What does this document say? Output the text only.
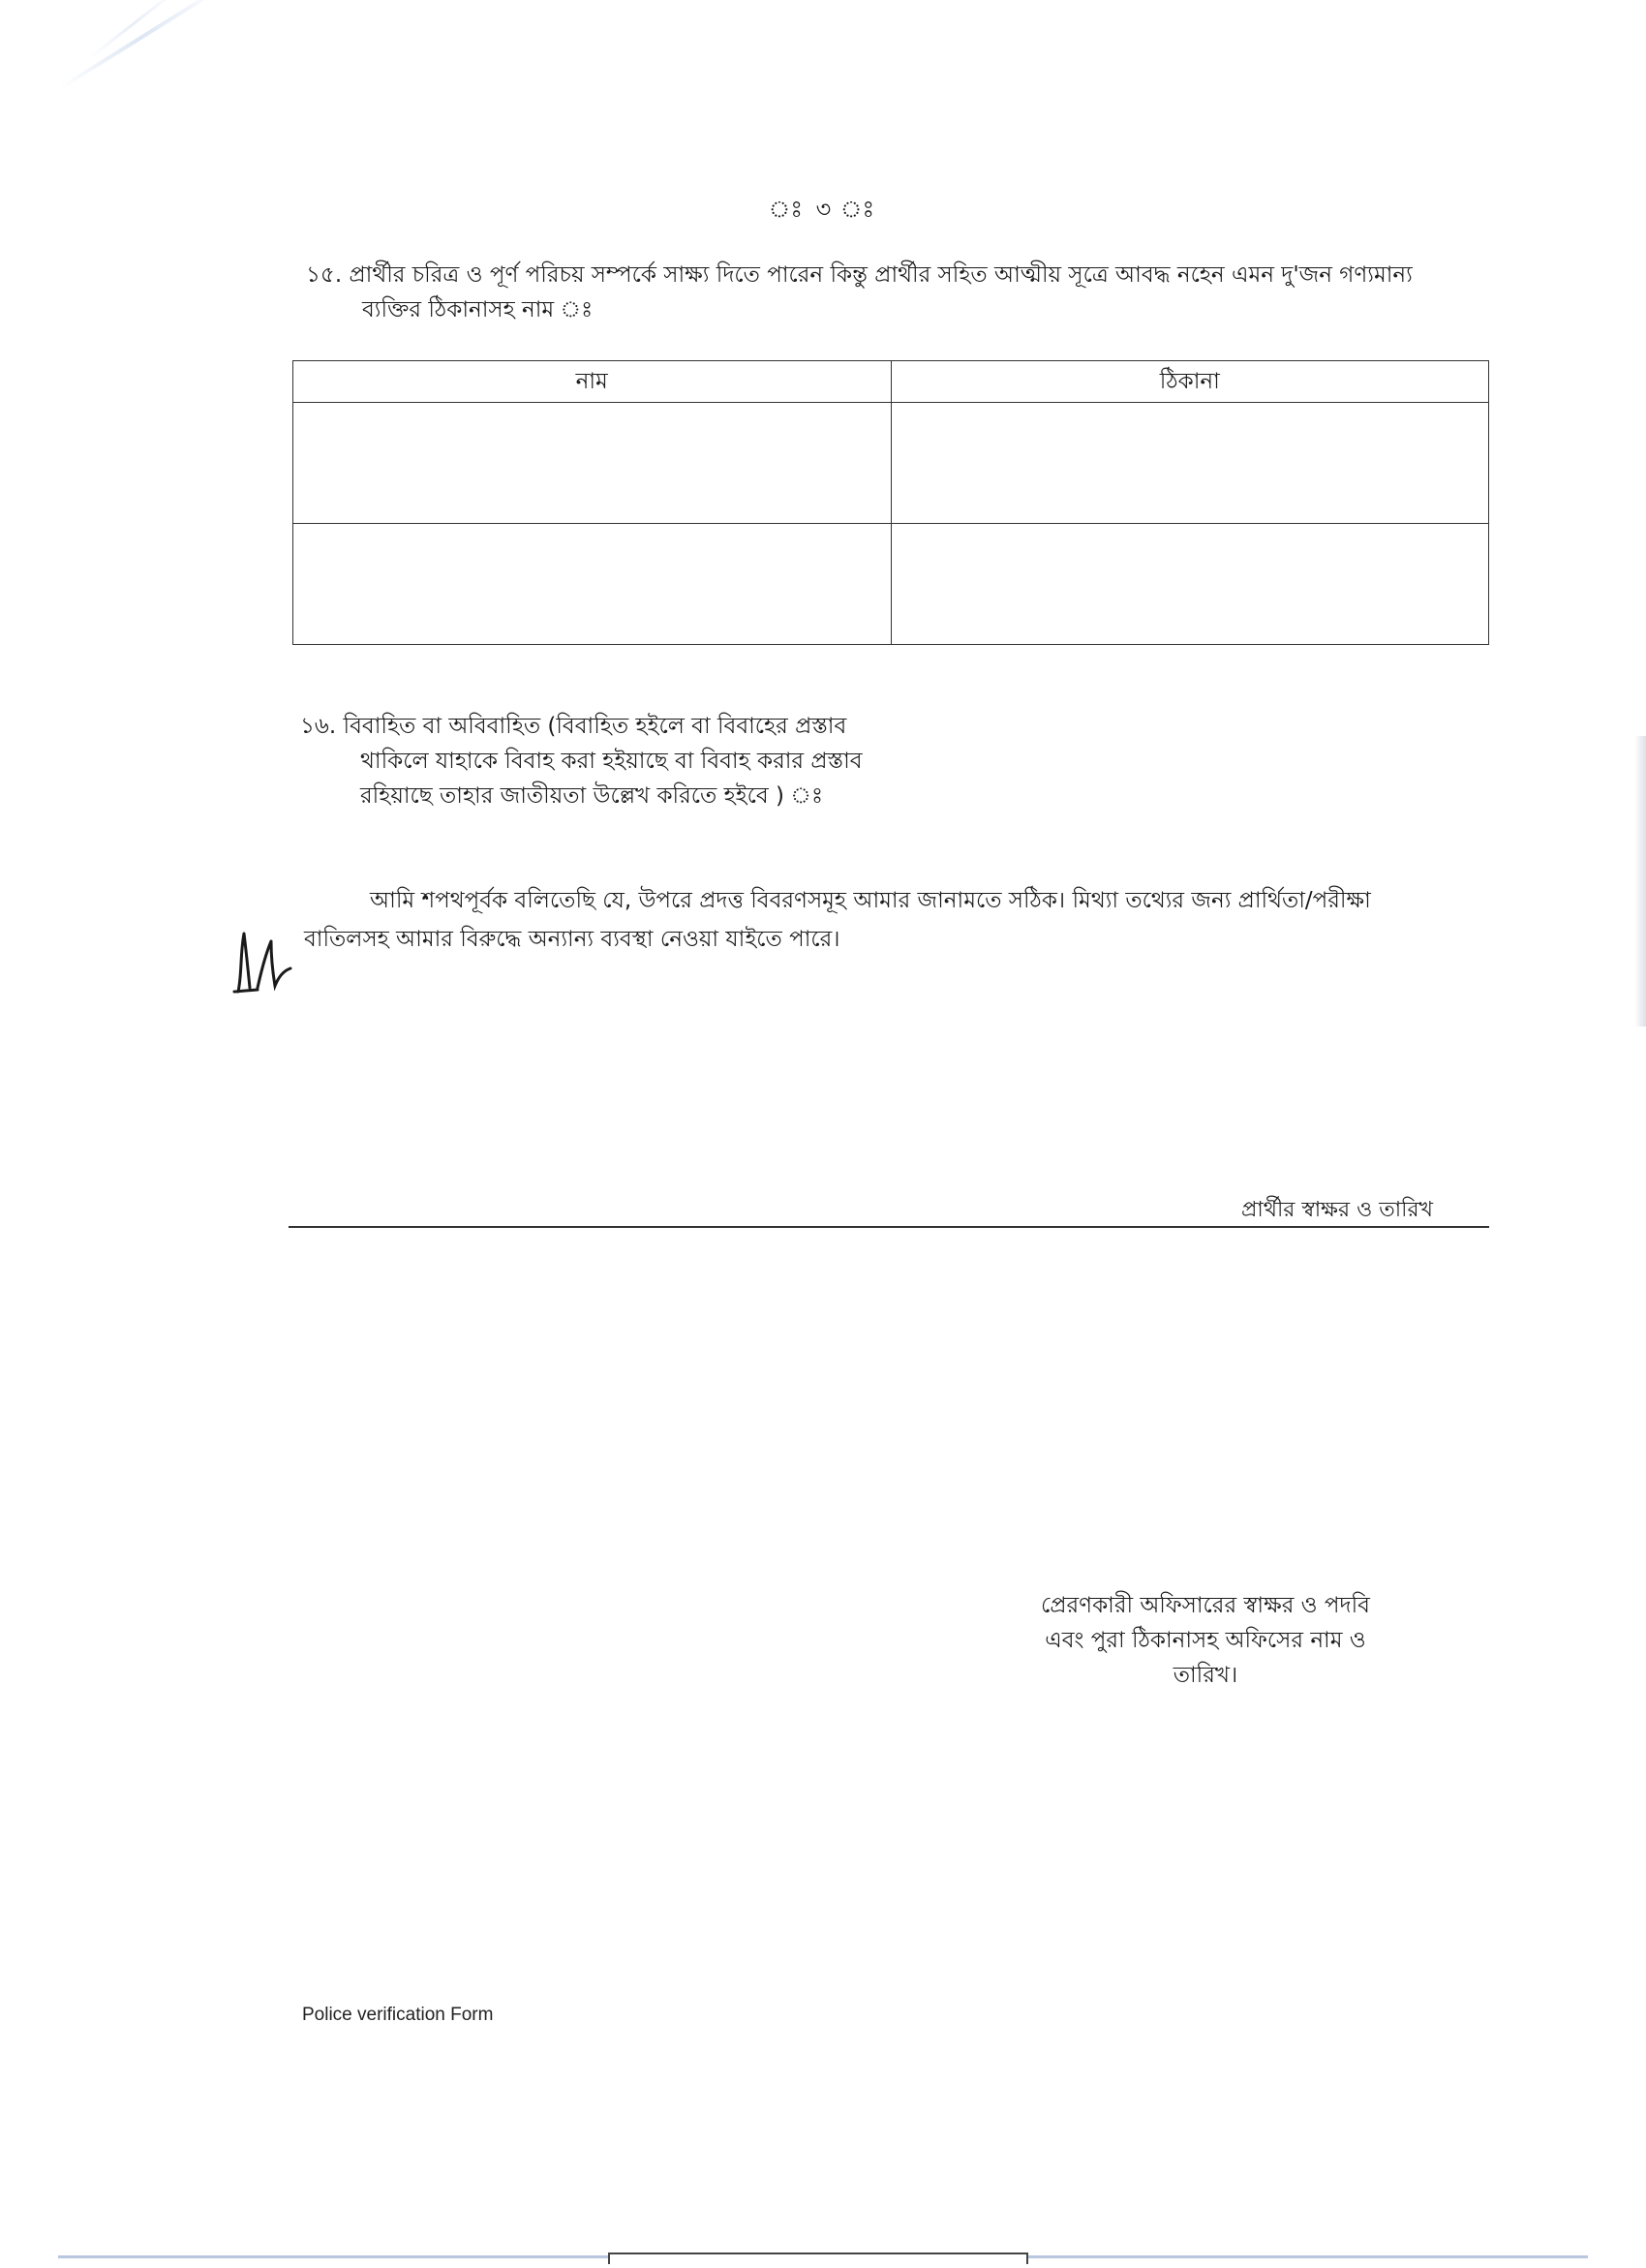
ঃ ৩ ঃ
১৫. প্রার্থীর চরিত্র ও পূর্ণ পরিচয় সম্পর্কে সাক্ষ্য দিতে পারেন কিন্তু প্রার্থীর সহিত আত্মীয় সূত্রে আবদ্ধ নহেন এমন দু'জন গণ্যমান্য
ব্যক্তির ঠিকানাসহ নাম ঃ
নাম	ঠিকানা

১৬. বিবাহিত বা অবিবাহিত (বিবাহিত হইলে বা বিবাহের প্রস্তাব
থাকিলে যাহাকে বিবাহ করা হইয়াছে বা বিবাহ করার প্রস্তাব
রহিয়াছে তাহার জাতীয়তা উল্লেখ করিতে হইবে ) ঃ
আমি শপথপূর্বক বলিতেছি যে, উপরে প্রদত্ত বিবরণসমূহ আমার জানামতে সঠিক। মিথ্যা তথ্যের জন্য প্রার্থিতা/পরীক্ষা
বাতিলসহ আমার বিরুদ্ধে অন্যান্য ব্যবস্থা নেওয়া যাইতে পারে।
প্রার্থীর স্বাক্ষর ও তারিখ
প্রেরণকারী অফিসারের স্বাক্ষর ও পদবি
এবং পুরা ঠিকানাসহ অফিসের নাম ও
তারিখ।
Police verification Form
